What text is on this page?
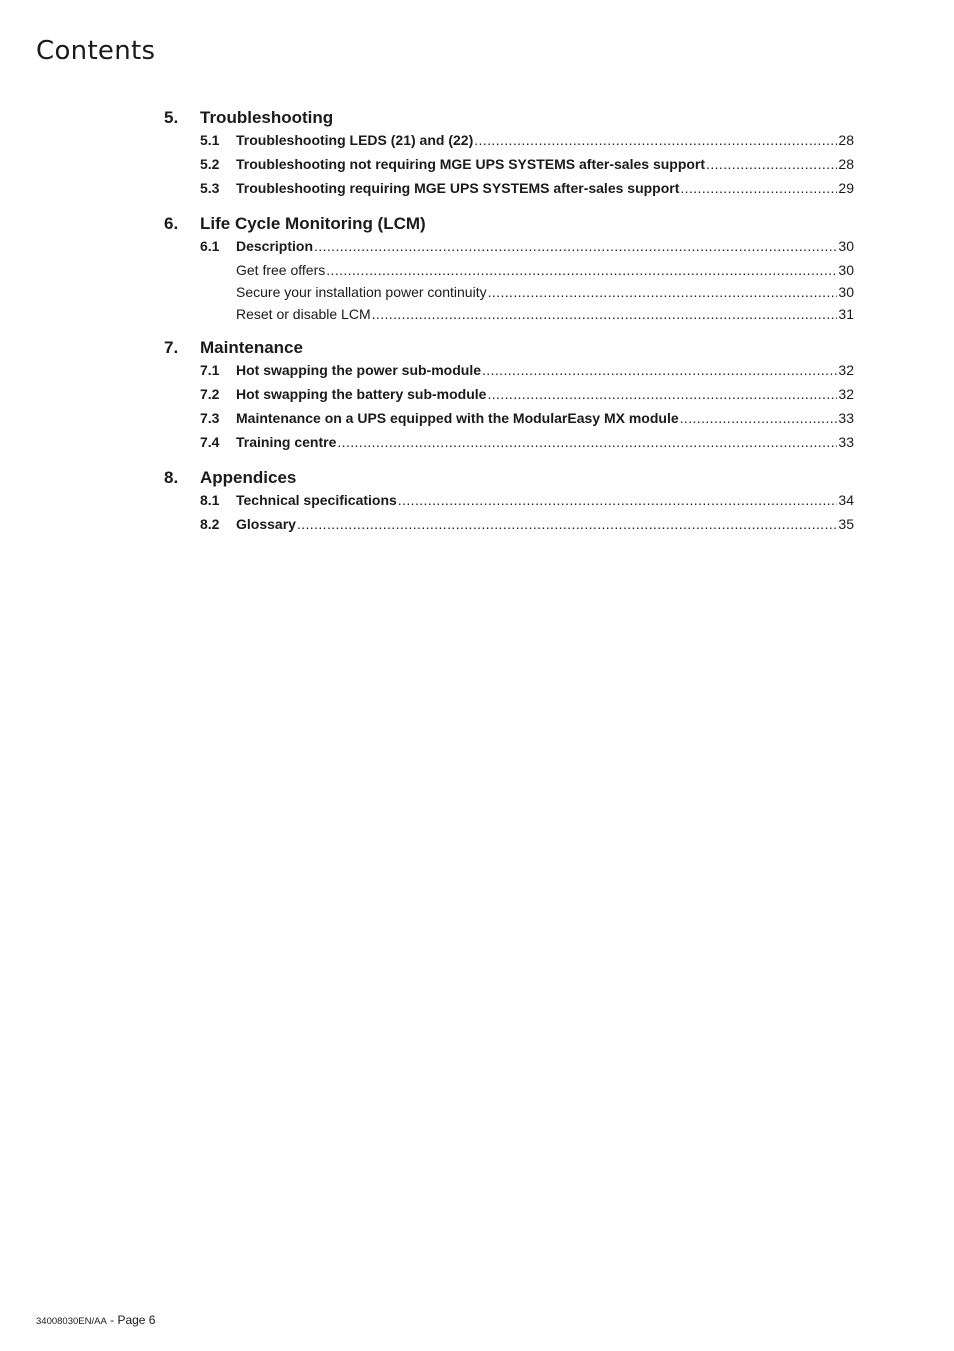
Contents
5.	Troubleshooting
5.1	Troubleshooting LEDS (21) and (22) .....	28
5.2	Troubleshooting not requiring MGE UPS SYSTEMS after-sales support .....	28
5.3	Troubleshooting requiring MGE UPS SYSTEMS after-sales support .....	29
6.	Life Cycle Monitoring (LCM)
6.1	Description .....	30
Get free offers .....	30
Secure your installation power continuity .....	30
Reset or disable LCM .....	31
7.	Maintenance
7.1	Hot swapping the power sub-module .....	32
7.2	Hot swapping the battery sub-module .....	32
7.3	Maintenance on a UPS equipped with the ModularEasy MX module .....	33
7.4	Training centre .....	33
8.	Appendices
8.1	Technical specifications .....	34
8.2	Glossary .....	35
34008030EN/AA - Page 6
